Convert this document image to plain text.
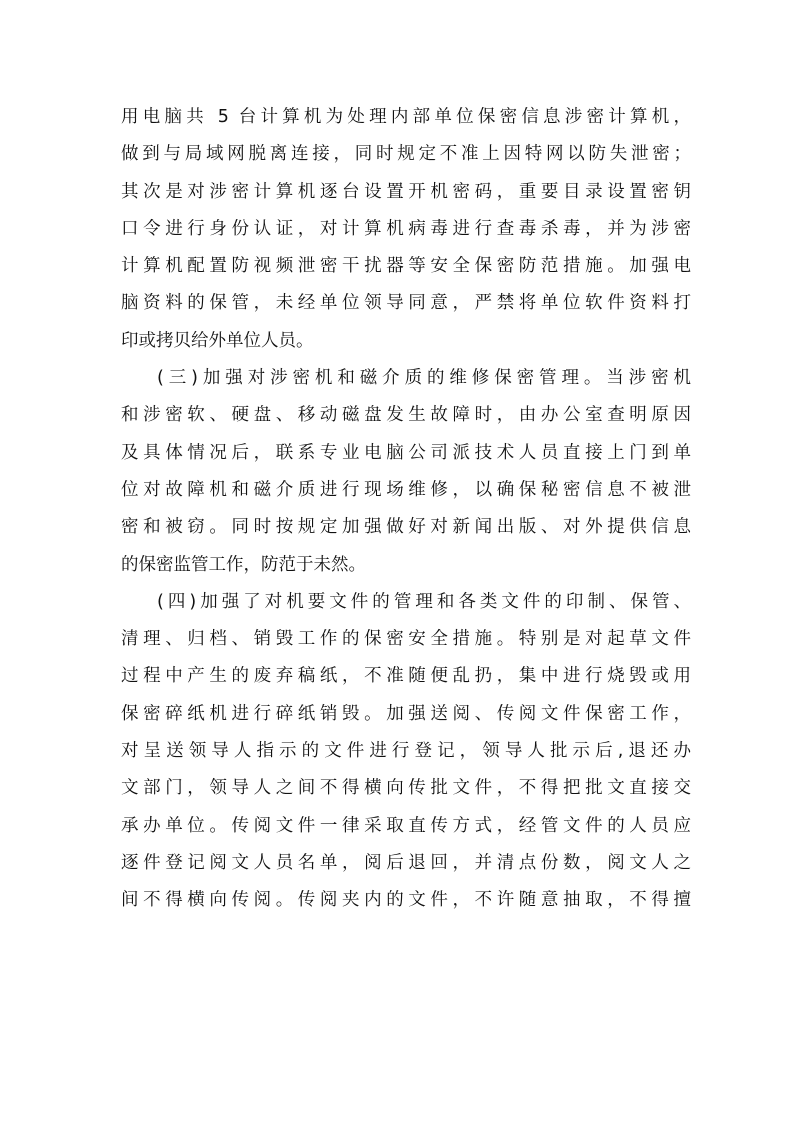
用电脑共 5 台计算机为处理内部单位保密信息涉密计算机，
做到与局域网脱离连接，同时规定不准上因特网以防失泄密；
其次是对涉密计算机逐台设置开机密码，重要目录设置密钥
口令进行身份认证，对计算机病毒进行查毒杀毒，并为涉密
计算机配置防视频泄密干扰器等安全保密防范措施。加强电
脑资料的保管，未经单位领导同意，严禁将单位软件资料打
印或拷贝给外单位人员。
(三)加强对涉密机和磁介质的维修保密管理。当涉密机
和涉密软、硬盘、移动磁盘发生故障时，由办公室查明原因
及具体情况后，联系专业电脑公司派技术人员直接上门到单
位对故障机和磁介质进行现场维修，以确保秘密信息不被泄
密和被窃。同时按规定加强做好对新闻出版、对外提供信息
的保密监管工作，防范于未然。
(四)加强了对机要文件的管理和各类文件的印制、保管、
清理、归档、销毁工作的保密安全措施。特别是对起草文件
过程中产生的废弃稿纸，不准随便乱扔，集中进行烧毁或用
保密碎纸机进行碎纸销毁。加强送阅、传阅文件保密工作，
对呈送领导人指示的文件进行登记，领导人批示后,退还办
文部门，领导人之间不得横向传批文件，不得把批文直接交
承办单位。传阅文件一律采取直传方式，经管文件的人员应
逐件登记阅文人员名单，阅后退回，并清点份数，阅文人之
间不得横向传阅。传阅夹内的文件，不许随意抽取，不得擅
